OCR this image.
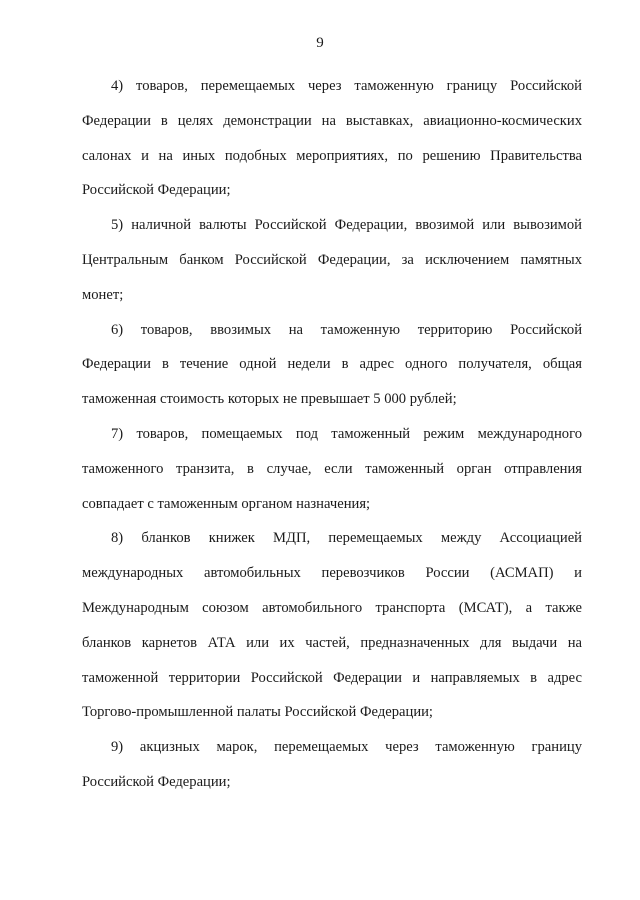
9
4) товаров, перемещаемых через таможенную границу Российской
Федерации в целях демонстрации на выставках, авиационно-космических
салонах и на иных подобных мероприятиях, по решению Правительства
Российской Федерации;
5) наличной валюты Российской Федерации, ввозимой или вывозимой
Центральным банком Российской Федерации, за исключением памятных
монет;
6) товаров, ввозимых на таможенную территорию Российской
Федерации в течение одной недели в адрес одного получателя, общая
таможенная стоимость которых не превышает 5 000 рублей;
7) товаров, помещаемых под таможенный режим международного
таможенного транзита, в случае, если таможенный орган отправления
совпадает с таможенным органом назначения;
8) бланков книжек МДП, перемещаемых между Ассоциацией
международных автомобильных перевозчиков России (АСМАП) и
Международным союзом автомобильного транспорта (МСАТ), а также
бланков карнетов АТА или их частей, предназначенных для выдачи на
таможенной территории Российской Федерации и направляемых в адрес
Торгово-промышленной палаты Российской Федерации;
9) акцизных марок, перемещаемых через таможенную границу
Российской Федерации;
